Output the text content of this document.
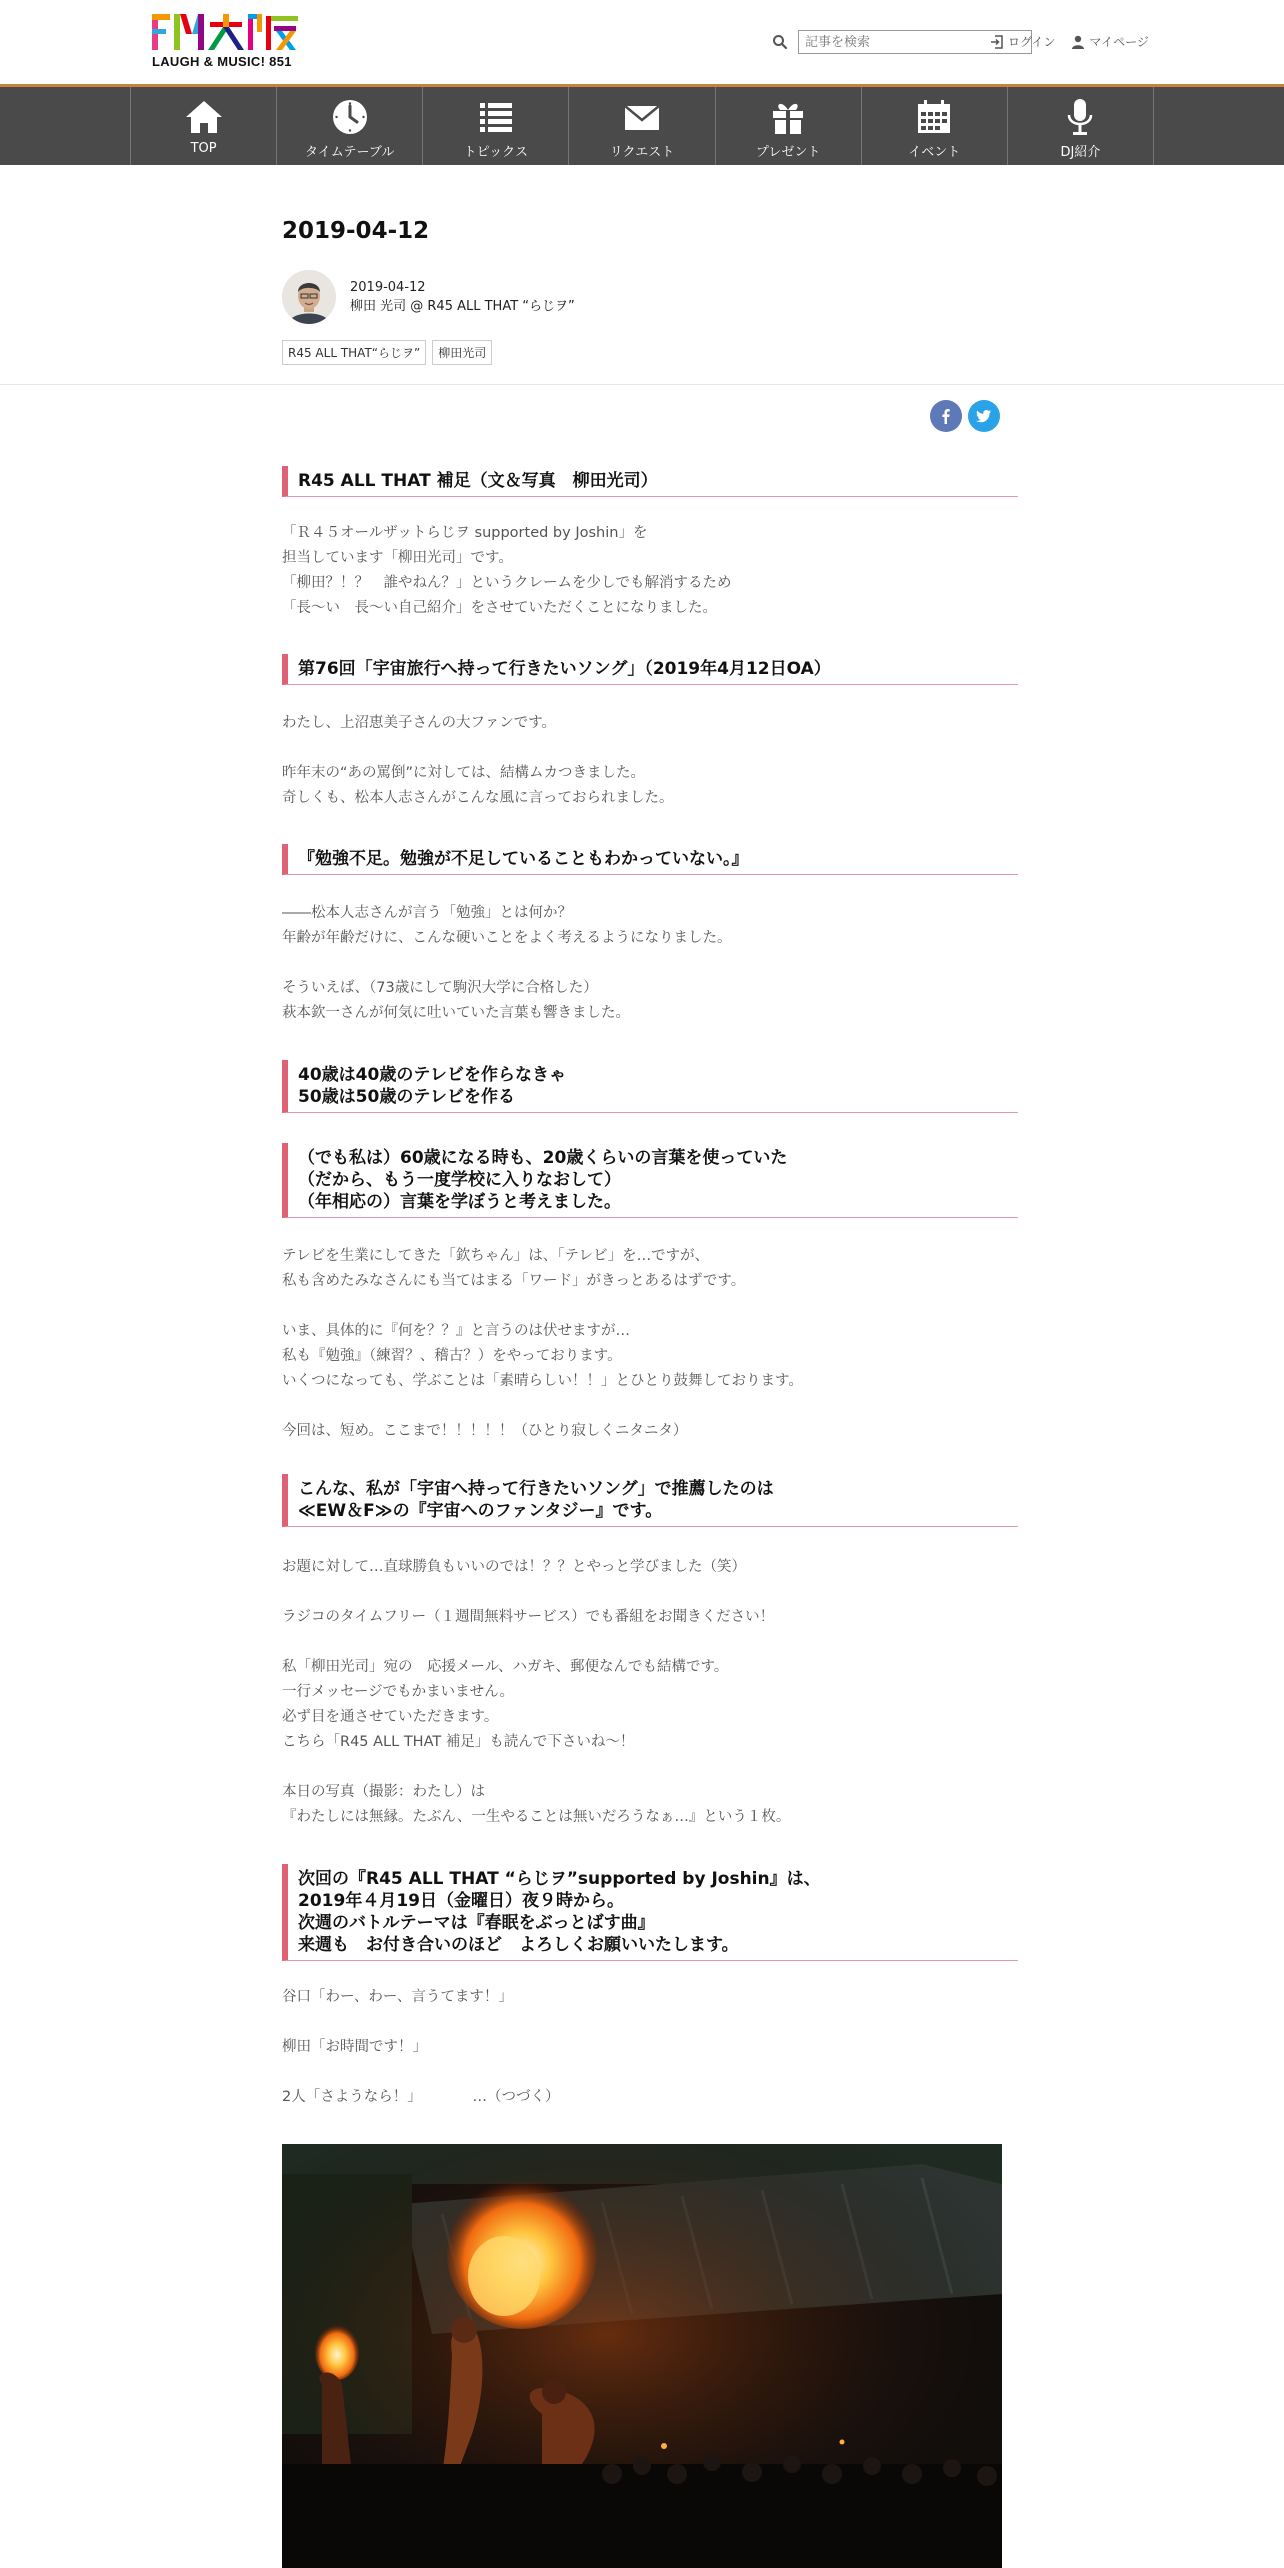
LAUGH & MUSIC! 851
記事を検索
ログイン	マイページ
TOP	タイムテーブル	トピックス	リクエスト	プレゼント	イベント	DJ紹介
2019-04-12
2019-04-12
柳田 光司 @ R45 ALL THAT “らじヲ”
R45 ALL THAT“らじヲ”	柳田光司
R45 ALL THAT 補足（文＆写真　柳田光司）
「Ｒ４５オールザットらじヲ supported by Joshin」を
担当しています「柳田光司」です。
「柳田？！？　誰やねん？」というクレームを少しでも解消するため
「長～い　長～い自己紹介」をさせていただくことになりました。
第76回「宇宙旅行へ持って行きたいソング」（2019年4月12日OA）
わたし、上沼恵美子さんの大ファンです。
昨年末の“あの罵倒”に対しては、結構ムカつきました。
奇しくも、松本人志さんがこんな風に言っておられました。
『勉強不足。勉強が不足していることもわかっていない。』
――松本人志さんが言う「勉強」とは何か？
年齢が年齢だけに、こんな硬いことをよく考えるようになりました。
そういえば、（73歳にして駒沢大学に合格した）
萩本欽一さんが何気に吐いていた言葉も響きました。
40歳は40歳のテレビを作らなきゃ
50歳は50歳のテレビを作る
（でも私は）60歳になる時も、20歳くらいの言葉を使っていた
（だから、もう一度学校に入りなおして）
（年相応の）言葉を学ぼうと考えました。
テレビを生業にしてきた「欽ちゃん」は、「テレビ」を…ですが、
私も含めたみなさんにも当てはまる「ワード」がきっとあるはずです。
いま、具体的に『何を？？』と言うのは伏せますが…
私も『勉強』（練習？、稽古？）をやっております。
いくつになっても、学ぶことは「素晴らしい！！」とひとり鼓舞しております。
今回は、短め。ここまで！！！！！（ひとり寂しくニタニタ）
こんな、私が「宇宙へ持って行きたいソング」で推薦したのは
≪EW＆F≫の『宇宙へのファンタジー』です。
お題に対して…直球勝負もいいのでは！？？とやっと学びました（笑）
ラジコのタイムフリー（１週間無料サービス）でも番組をお聞きください！
私「柳田光司」宛の　応援メール、ハガキ、郵便なんでも結構です。
一行メッセージでもかまいません。
必ず目を通させていただきます。
こちら「R45 ALL THAT 補足」も読んで下さいね～！
本日の写真（撮影：わたし）は
『わたしには無縁。たぶん、一生やることは無いだろうなぁ…』という１枚。
次回の『R45 ALL THAT “らじヲ”supported by Joshin』は、
2019年４月19日（金曜日）夜９時から。
次週のバトルテーマは『春眠をぶっとばす曲』
来週も　お付き合いのほど　よろしくお願いいたします。
谷口「わー、わー、言うてます！」
柳田「お時間です！」
2人「さようなら！」　　　　…（つづく）
